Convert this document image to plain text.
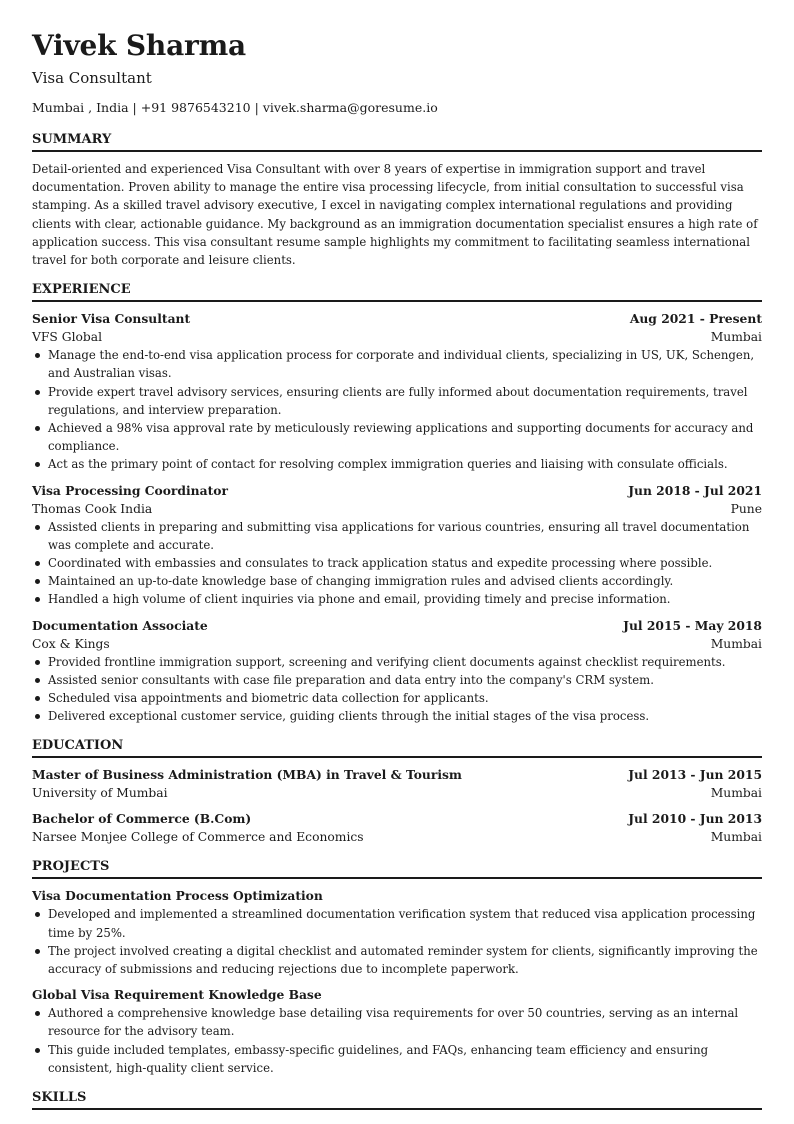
Vivek Sharma
Visa Consultant
Mumbai , India | +91 9876543210 | vivek.sharma@goresume.io
SUMMARY
Detail-oriented and experienced Visa Consultant with over 8 years of expertise in immigration support and travel documentation. Proven ability to manage the entire visa processing lifecycle, from initial consultation to successful visa stamping. As a skilled travel advisory executive, I excel in navigating complex international regulations and providing clients with clear, actionable guidance. My background as an immigration documentation specialist ensures a high rate of application success. This visa consultant resume sample highlights my commitment to facilitating seamless international travel for both corporate and leisure clients.
EXPERIENCE
Senior Visa Consultant	Aug 2021 - Present
VFS Global	Mumbai
Manage the end-to-end visa application process for corporate and individual clients, specializing in US, UK, Schengen, and Australian visas.
Provide expert travel advisory services, ensuring clients are fully informed about documentation requirements, travel regulations, and interview preparation.
Achieved a 98% visa approval rate by meticulously reviewing applications and supporting documents for accuracy and compliance.
Act as the primary point of contact for resolving complex immigration queries and liaising with consulate officials.
Visa Processing Coordinator	Jun 2018 - Jul 2021
Thomas Cook India	Pune
Assisted clients in preparing and submitting visa applications for various countries, ensuring all travel documentation was complete and accurate.
Coordinated with embassies and consulates to track application status and expedite processing where possible.
Maintained an up-to-date knowledge base of changing immigration rules and advised clients accordingly.
Handled a high volume of client inquiries via phone and email, providing timely and precise information.
Documentation Associate	Jul 2015 - May 2018
Cox & Kings	Mumbai
Provided frontline immigration support, screening and verifying client documents against checklist requirements.
Assisted senior consultants with case file preparation and data entry into the company's CRM system.
Scheduled visa appointments and biometric data collection for applicants.
Delivered exceptional customer service, guiding clients through the initial stages of the visa process.
EDUCATION
Master of Business Administration (MBA) in Travel & Tourism	Jul 2013 - Jun 2015
University of Mumbai	Mumbai
Bachelor of Commerce (B.Com)	Jul 2010 - Jun 2013
Narsee Monjee College of Commerce and Economics	Mumbai
PROJECTS
Visa Documentation Process Optimization
Developed and implemented a streamlined documentation verification system that reduced visa application processing time by 25%.
The project involved creating a digital checklist and automated reminder system for clients, significantly improving the accuracy of submissions and reducing rejections due to incomplete paperwork.
Global Visa Requirement Knowledge Base
Authored a comprehensive knowledge base detailing visa requirements for over 50 countries, serving as an internal resource for the advisory team.
This guide included templates, embassy-specific guidelines, and FAQs, enhancing team efficiency and ensuring consistent, high-quality client service.
SKILLS
